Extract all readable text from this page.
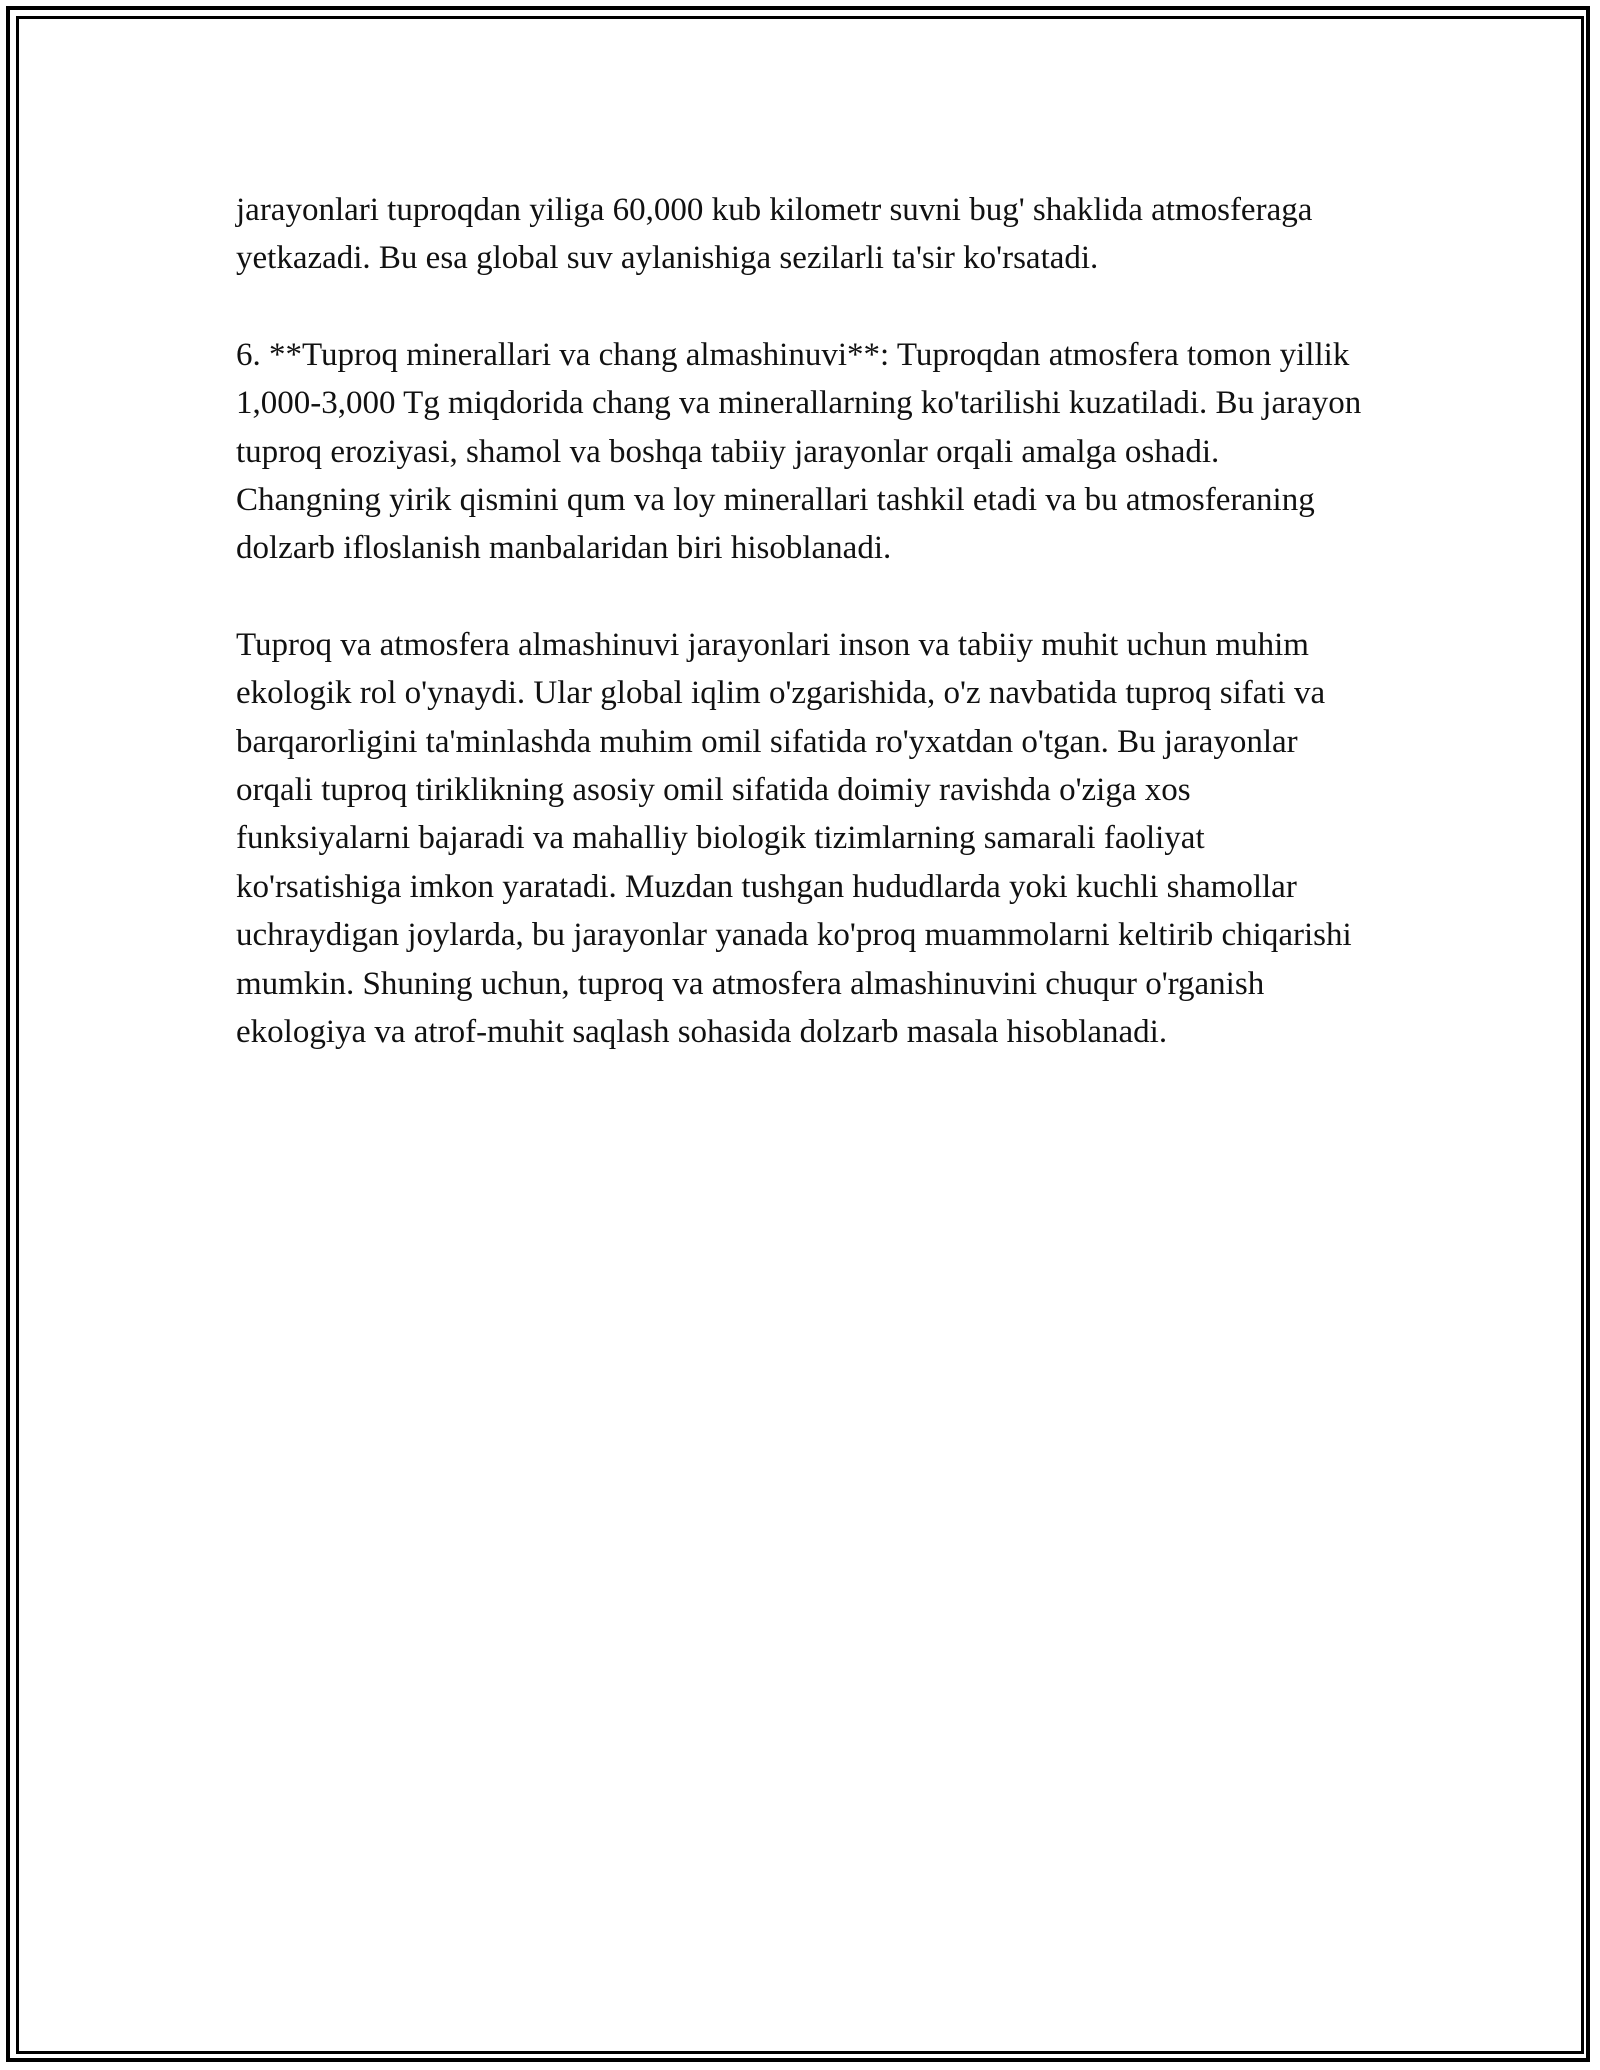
jarayonlari tuproqdan yiliga 60,000 kub kilometr suvni bug' shaklida atmosferaga yetkazadi. Bu esa global suv aylanishiga sezilarli ta'sir ko'rsatadi.

6. **Tuproq minerallari va chang almashinuvi**: Tuproqdan atmosfera tomon yillik 1,000-3,000 Tg miqdorida chang va minerallarning ko'tarilishi kuzatiladi. Bu jarayon tuproq eroziyasi, shamol va boshqa tabiiy jarayonlar orqali amalga oshadi. Changning yirik qismini qum va loy minerallari tashkil etadi va bu atmosferaning dolzarb ifloslanish manbalaridan biri hisoblanadi.

Tuproq va atmosfera almashinuvi jarayonlari inson va tabiiy muhit uchun muhim ekologik rol o'ynaydi. Ular global iqlim o'zgarishida, o'z navbatida tuproq sifati va barqarorligini ta'minlashda muhim omil sifatida ro'yxatdan o'tgan. Bu jarayonlar orqali tuproq tiriklikning asosiy omil sifatida doimiy ravishda o'ziga xos funksiyalarni bajaradi va mahalliy biologik tizimlarning samarali faoliyat ko'rsatishiga imkon yaratadi. Muzdan tushgan hududlarda yoki kuchli shamollar uchraydigan joylarda, bu jarayonlar yanada ko'proq muammolarni keltirib chiqarishi mumkin. Shuning uchun, tuproq va atmosfera almashinuvini chuqur o'rganish ekologiya va atrof-muhit saqlash sohasida dolzarb masala hisoblanadi.
